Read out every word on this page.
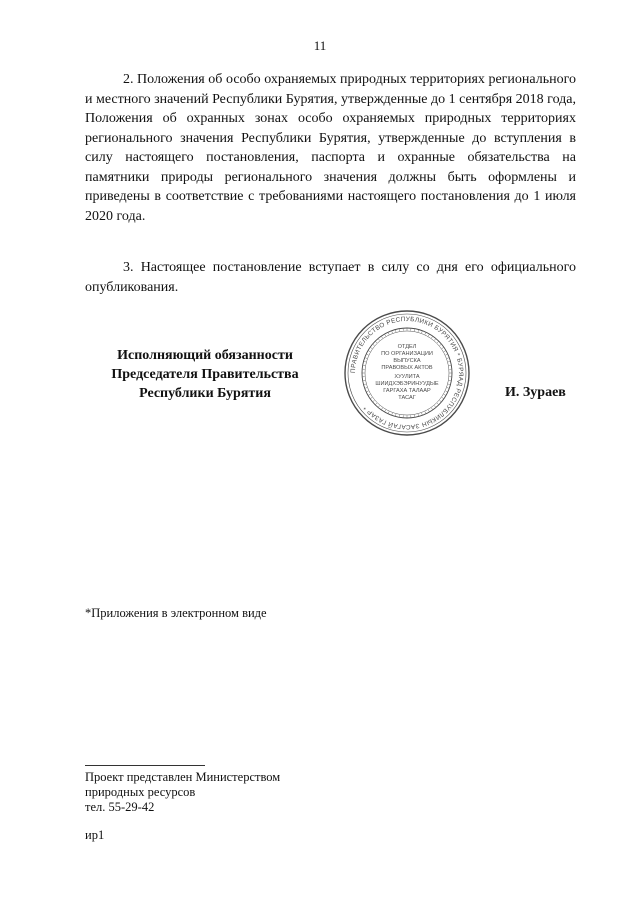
11

2. Положения об особо охраняемых природных территориях регионального и местного значений Республики Бурятия, утвержденные до 1 сентября 2018 года, Положения об охранных зонах особо охраняемых природных территориях регионального значения Республики Бурятия, утвержденные до вступления в силу настоящего постановления, паспорта и охранные обязательства на памятники природы регионального значения должны быть оформлены и приведены в соответствие с требованиями настоящего постановления до 1 июля 2020 года.

3. Настоящее постановление вступает в силу со дня его официального опубликования.

Исполняющий обязанности
Председателя Правительства
Республики Бурятия
ПРАВИТЕЛЬСТВО РЕСПУБЛИКИ БУРЯТИЯ * БУРЯАД РЕСПУБЛИКЫН ЗАСАГАЙ ГАЗАР *
ОТДЕЛ
ПО ОРГАНИЗАЦИИ
ВЫПУСКА
ПРАВОВЫХ АКТОВ
ХУУЛИТА
ШИИДХЭБЭРИНУУДЫЕ
ГАРГАХА ТАЛААР
ТАСАГ	И. Зураев
*Приложения в электронном виде
Проект представлен Министерством
природных ресурсов
тел. 55-29-42
ир1
